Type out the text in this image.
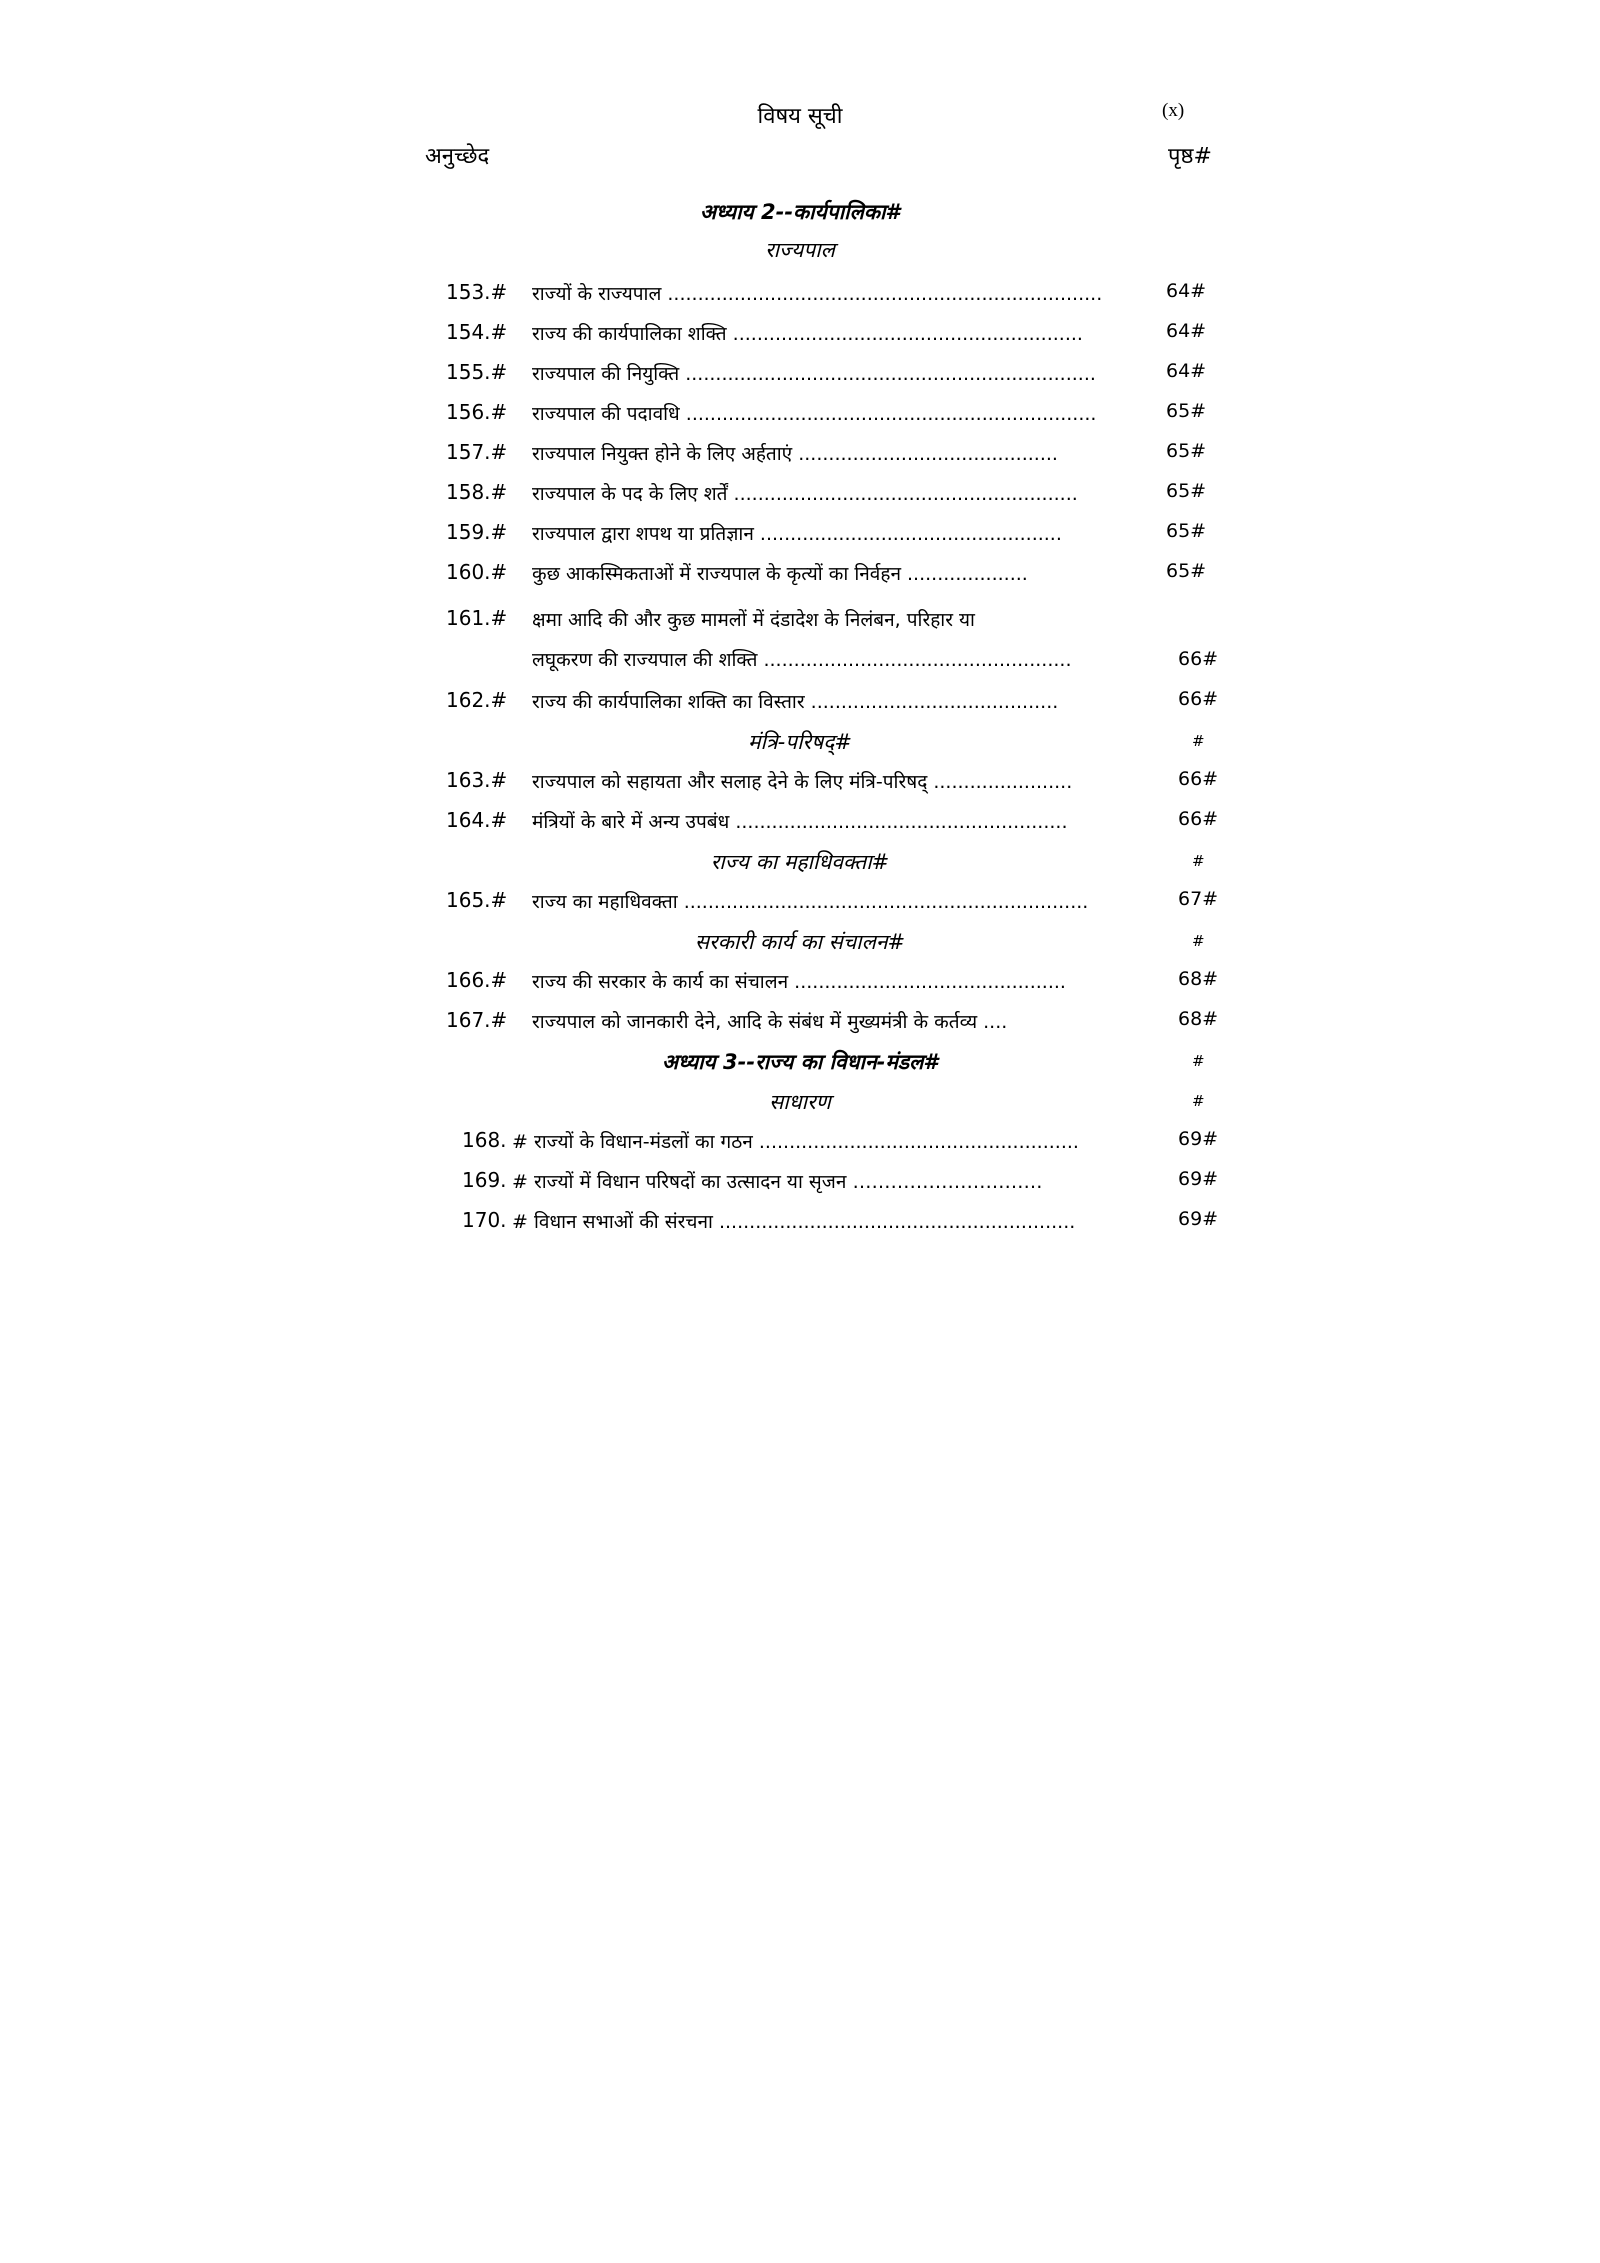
विषय सूची	(x)
अनुच्छेद	पृष्ठ#
अध्याय 2--कार्यपालिका#
राज्यपाल
153.# राज्यों के राज्यपाल ........................................................................	64#
154.# राज्य की कार्यपालिका शक्ति ..........................................................	64#
155.# राज्यपाल की नियुक्ति ....................................................................	64#
156.# राज्यपाल की पदावधि ....................................................................	65#
157.# राज्यपाल नियुक्त होने के लिए अर्हताएं ...........................................	65#
158.# राज्यपाल के पद के लिए शर्तें .........................................................	65#
159.# राज्यपाल द्वारा शपथ या प्रतिज्ञान ..................................................	65#
160.# कुछ आकस्मिकताओं में राज्यपाल के कृत्यों का निर्वहन ....................	65#
161.# क्षमा आदि की और कुछ मामलों में दंडादेश के निलंबन, परिहार या
लघूकरण की राज्यपाल की शक्ति ...................................................	66#
162.# राज्य की कार्यपालिका शक्ति का विस्तार .........................................	66#
मंत्रि-परिषद्#	#
163.# राज्यपाल को सहायता और सलाह देने के लिए मंत्रि-परिषद् .......................	66#
164.# मंत्रियों के बारे में अन्य उपबंध .......................................................	66#
राज्य का महाधिवक्ता#	#
165.# राज्य का महाधिवक्ता ...................................................................	67#
सरकारी कार्य का संचालन#	#
166.# राज्य की सरकार के कार्य का संचालन .............................................	68#
167.# राज्यपाल को जानकारी देने, आदि के संबंध में मुख्यमंत्री के कर्तव्य ....	68#
अध्याय 3--राज्य का विधान-मंडल#	#
साधारण	#
168. # राज्यों के विधान-मंडलों का गठन .....................................................	69#
169. # राज्यों में विधान परिषदों का उत्सादन या सृजन …………………………	69#
170. # विधान सभाओं की संरचना ...........................................................	69#
